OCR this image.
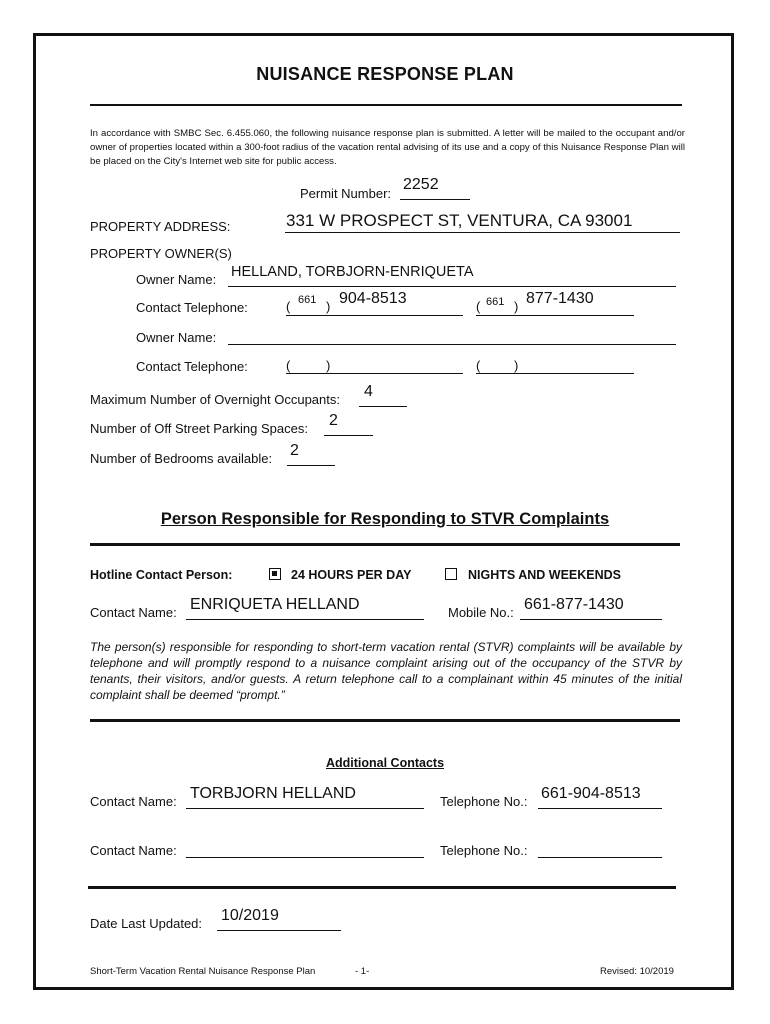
NUISANCE RESPONSE PLAN
In accordance with SMBC Sec. 6.455.060, the following nuisance response plan is submitted. A letter will be mailed to the occupant and/or owner of properties located within a 300-foot radius of the vacation rental advising of its use and a copy of this Nuisance Response Plan will be placed on the City's Internet web site for public access.
Permit Number:
2252
PROPERTY ADDRESS:	331 W PROSPECT ST, VENTURA, CA 93001
PROPERTY OWNER(S)
Owner Name: HELLAND, TORBJORN-ENRIQUETA
Contact Telephone:	( 661 ) 904-8513	( 661 ) 877-1430
Owner Name:
Contact Telephone:	(	)	(	)
Maximum Number of Overnight Occupants: 4
Number of Off Street Parking Spaces: 2
Number of Bedrooms available: 2
Person Responsible for Responding to STVR Complaints
Hotline Contact Person:	24 HOURS PER DAY	NIGHTS AND WEEKENDS
Contact Name: ENRIQUETA HELLAND	Mobile No.: 661-877-1430
The person(s) responsible for responding to short-term vacation rental (STVR) complaints will be available by telephone and will promptly respond to a nuisance complaint arising out of the occupancy of the STVR by tenants, their visitors, and/or guests. A return telephone call to a complainant within 45 minutes of the initial complaint shall be deemed “prompt.”
Additional Contacts
Contact Name: TORBJORN HELLAND	Telephone No.: 661-904-8513
Contact Name:	Telephone No.:
Date Last Updated: 10/2019
Short-Term Vacation Rental Nuisance Response Plan	- 1-	Revised: 10/2019
